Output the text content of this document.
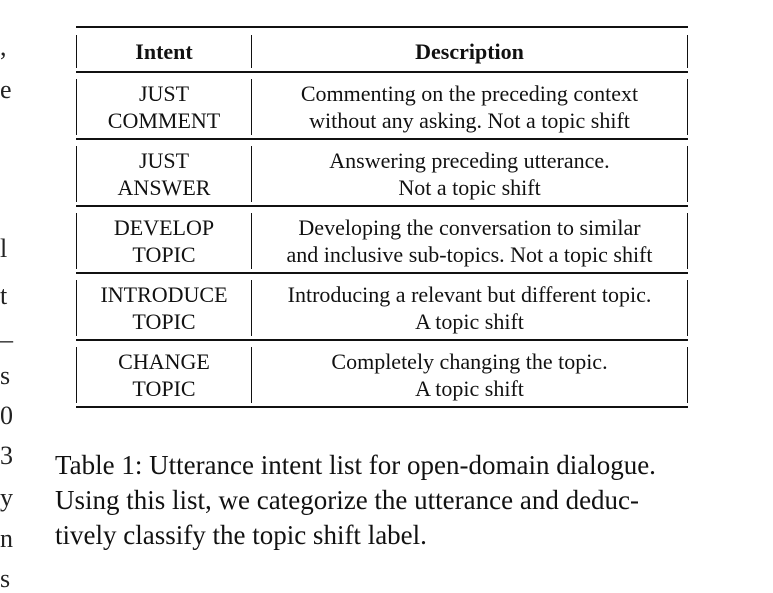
,
e
l
t
_
s
0
3
y
n
s
Intent	Description
JUST
COMMENT
Commenting on the preceding context
without any asking. Not a topic shift
JUST
ANSWER
Answering preceding utterance.
Not a topic shift
DEVELOP
TOPIC
Developing the conversation to similar
and inclusive sub-topics. Not a topic shift
INTRODUCE
TOPIC
Introducing a relevant but different topic.
A topic shift
CHANGE
TOPIC
Completely changing the topic.
A topic shift
Table 1: Utterance intent list for open-domain dialogue.
Using this list, we categorize the utterance and deduc-
tively classify the topic shift label.
